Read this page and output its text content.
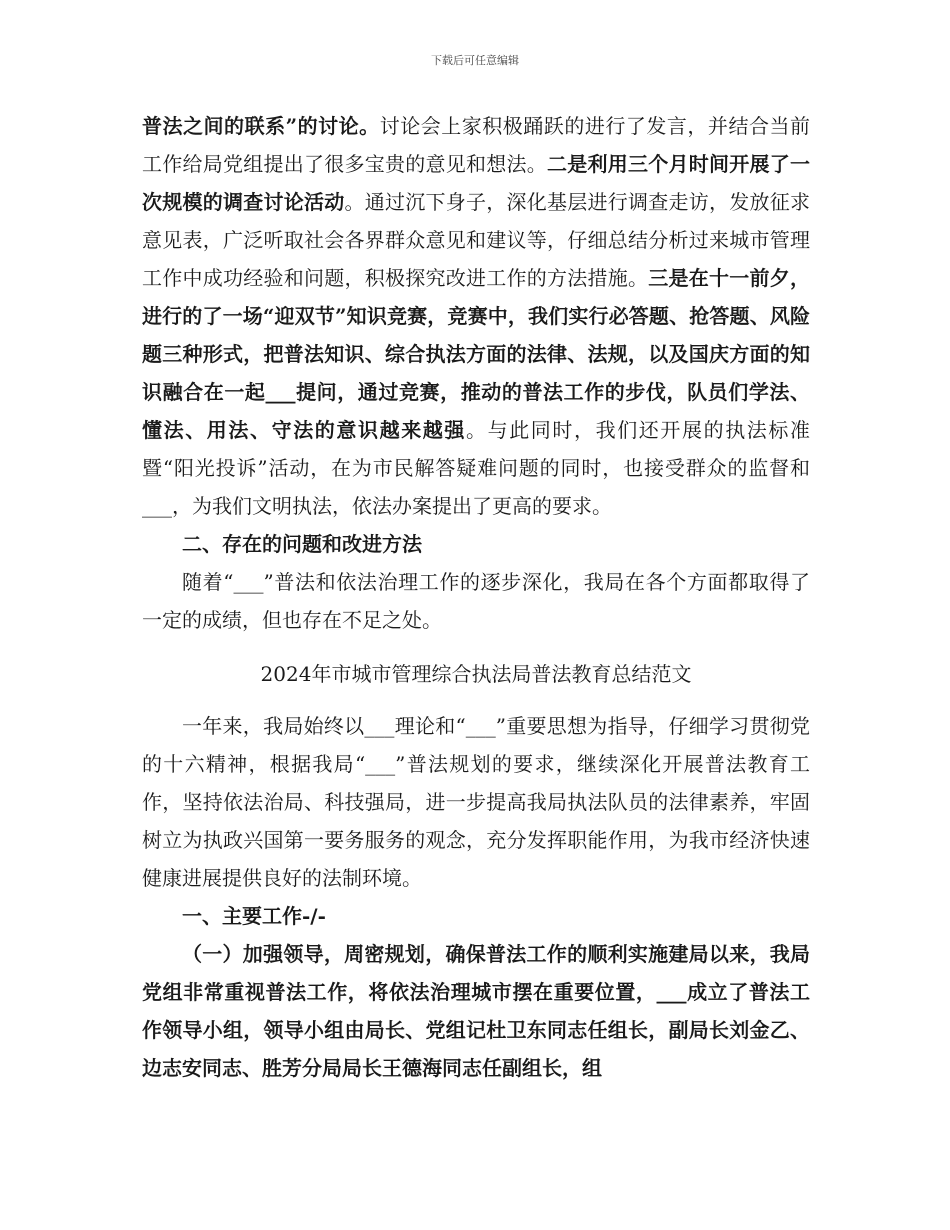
下载后可任意编辑

普法之间的联系”的讨论。讨论会上家积极踊跃的进行了发言，并结合当前工作给局党组提出了很多宝贵的意见和想法。二是利用三个月时间开展了一次规模的调查讨论活动。通过沉下身子，深化基层进行调查走访，发放征求意见表，广泛听取社会各界群众意见和建议等，仔细总结分析过来城市管理工作中成功经验和问题，积极探究改进工作的方法措施。三是在十一前夕，进行的了一场“迎双节”知识竞赛，竞赛中，我们实行必答题、抢答题、风险题三种形式，把普法知识、综合执法方面的法律、法规，以及国庆方面的知识融合在一起___提问，通过竞赛，推动的普法工作的步伐，队员们学法、懂法、用法、守法的意识越来越强。与此同时，我们还开展的执法标准暨“阳光投诉”活动，在为市民解答疑难问题的同时，也接受群众的监督和___，为我们文明执法，依法办案提出了更高的要求。

二、存在的问题和改进方法

随着“___”普法和依法治理工作的逐步深化，我局在各个方面都取得了一定的成绩，但也存在不足之处。

2024年市城市管理综合执法局普法教育总结范文

一年来，我局始终以___理论和“___”重要思想为指导，仔细学习贯彻党的十六精神，根据我局“___”普法规划的要求，继续深化开展普法教育工作，坚持依法治局、科技强局，进一步提高我局执法队员的法律素养，牢固树立为执政兴国第一要务服务的观念，充分发挥职能作用，为我市经济快速健康进展提供良好的法制环境。

一、主要工作-/-

（一）加强领导，周密规划，确保普法工作的顺利实施建局以来，我局党组非常重视普法工作，将依法治理城市摆在重要位置，___成立了普法工作领导小组，领导小组由局长、党组记杜卫东同志任组长，副局长刘金乙、边志安同志、胜芳分局局长王德海同志任副组长，组
